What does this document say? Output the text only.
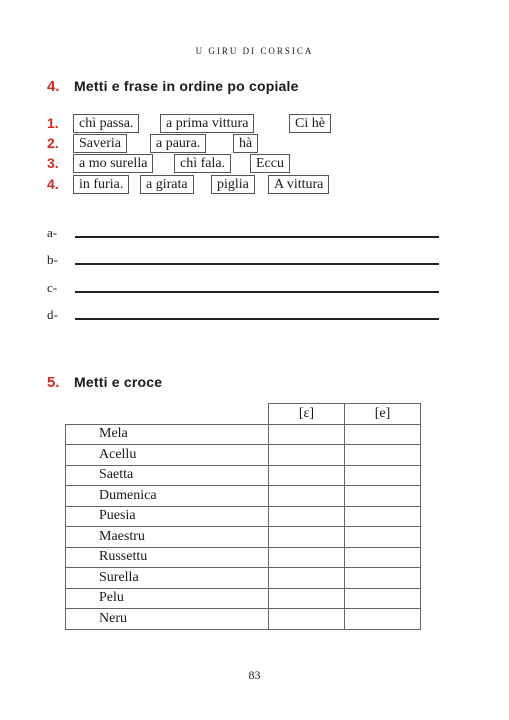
U GIRU DI CORSICA
4.	Metti e frase in ordine po copiale
1.	chì passa.	a prima vittura	Ci hè
2.	Saveria	a paura.	hà
3.	a mo surella	chì fala.	Eccu
4.	in furia.	a girata	piglia	A vittura
a-
b-
c-
d-
5.	Metti e croce
	[ɛ]	[e]
Mela		
Acellu		
Saetta		
Dumenica		
Puesia		
Maestru		
Russettu		
Surella		
Pelu		
Neru		
83
